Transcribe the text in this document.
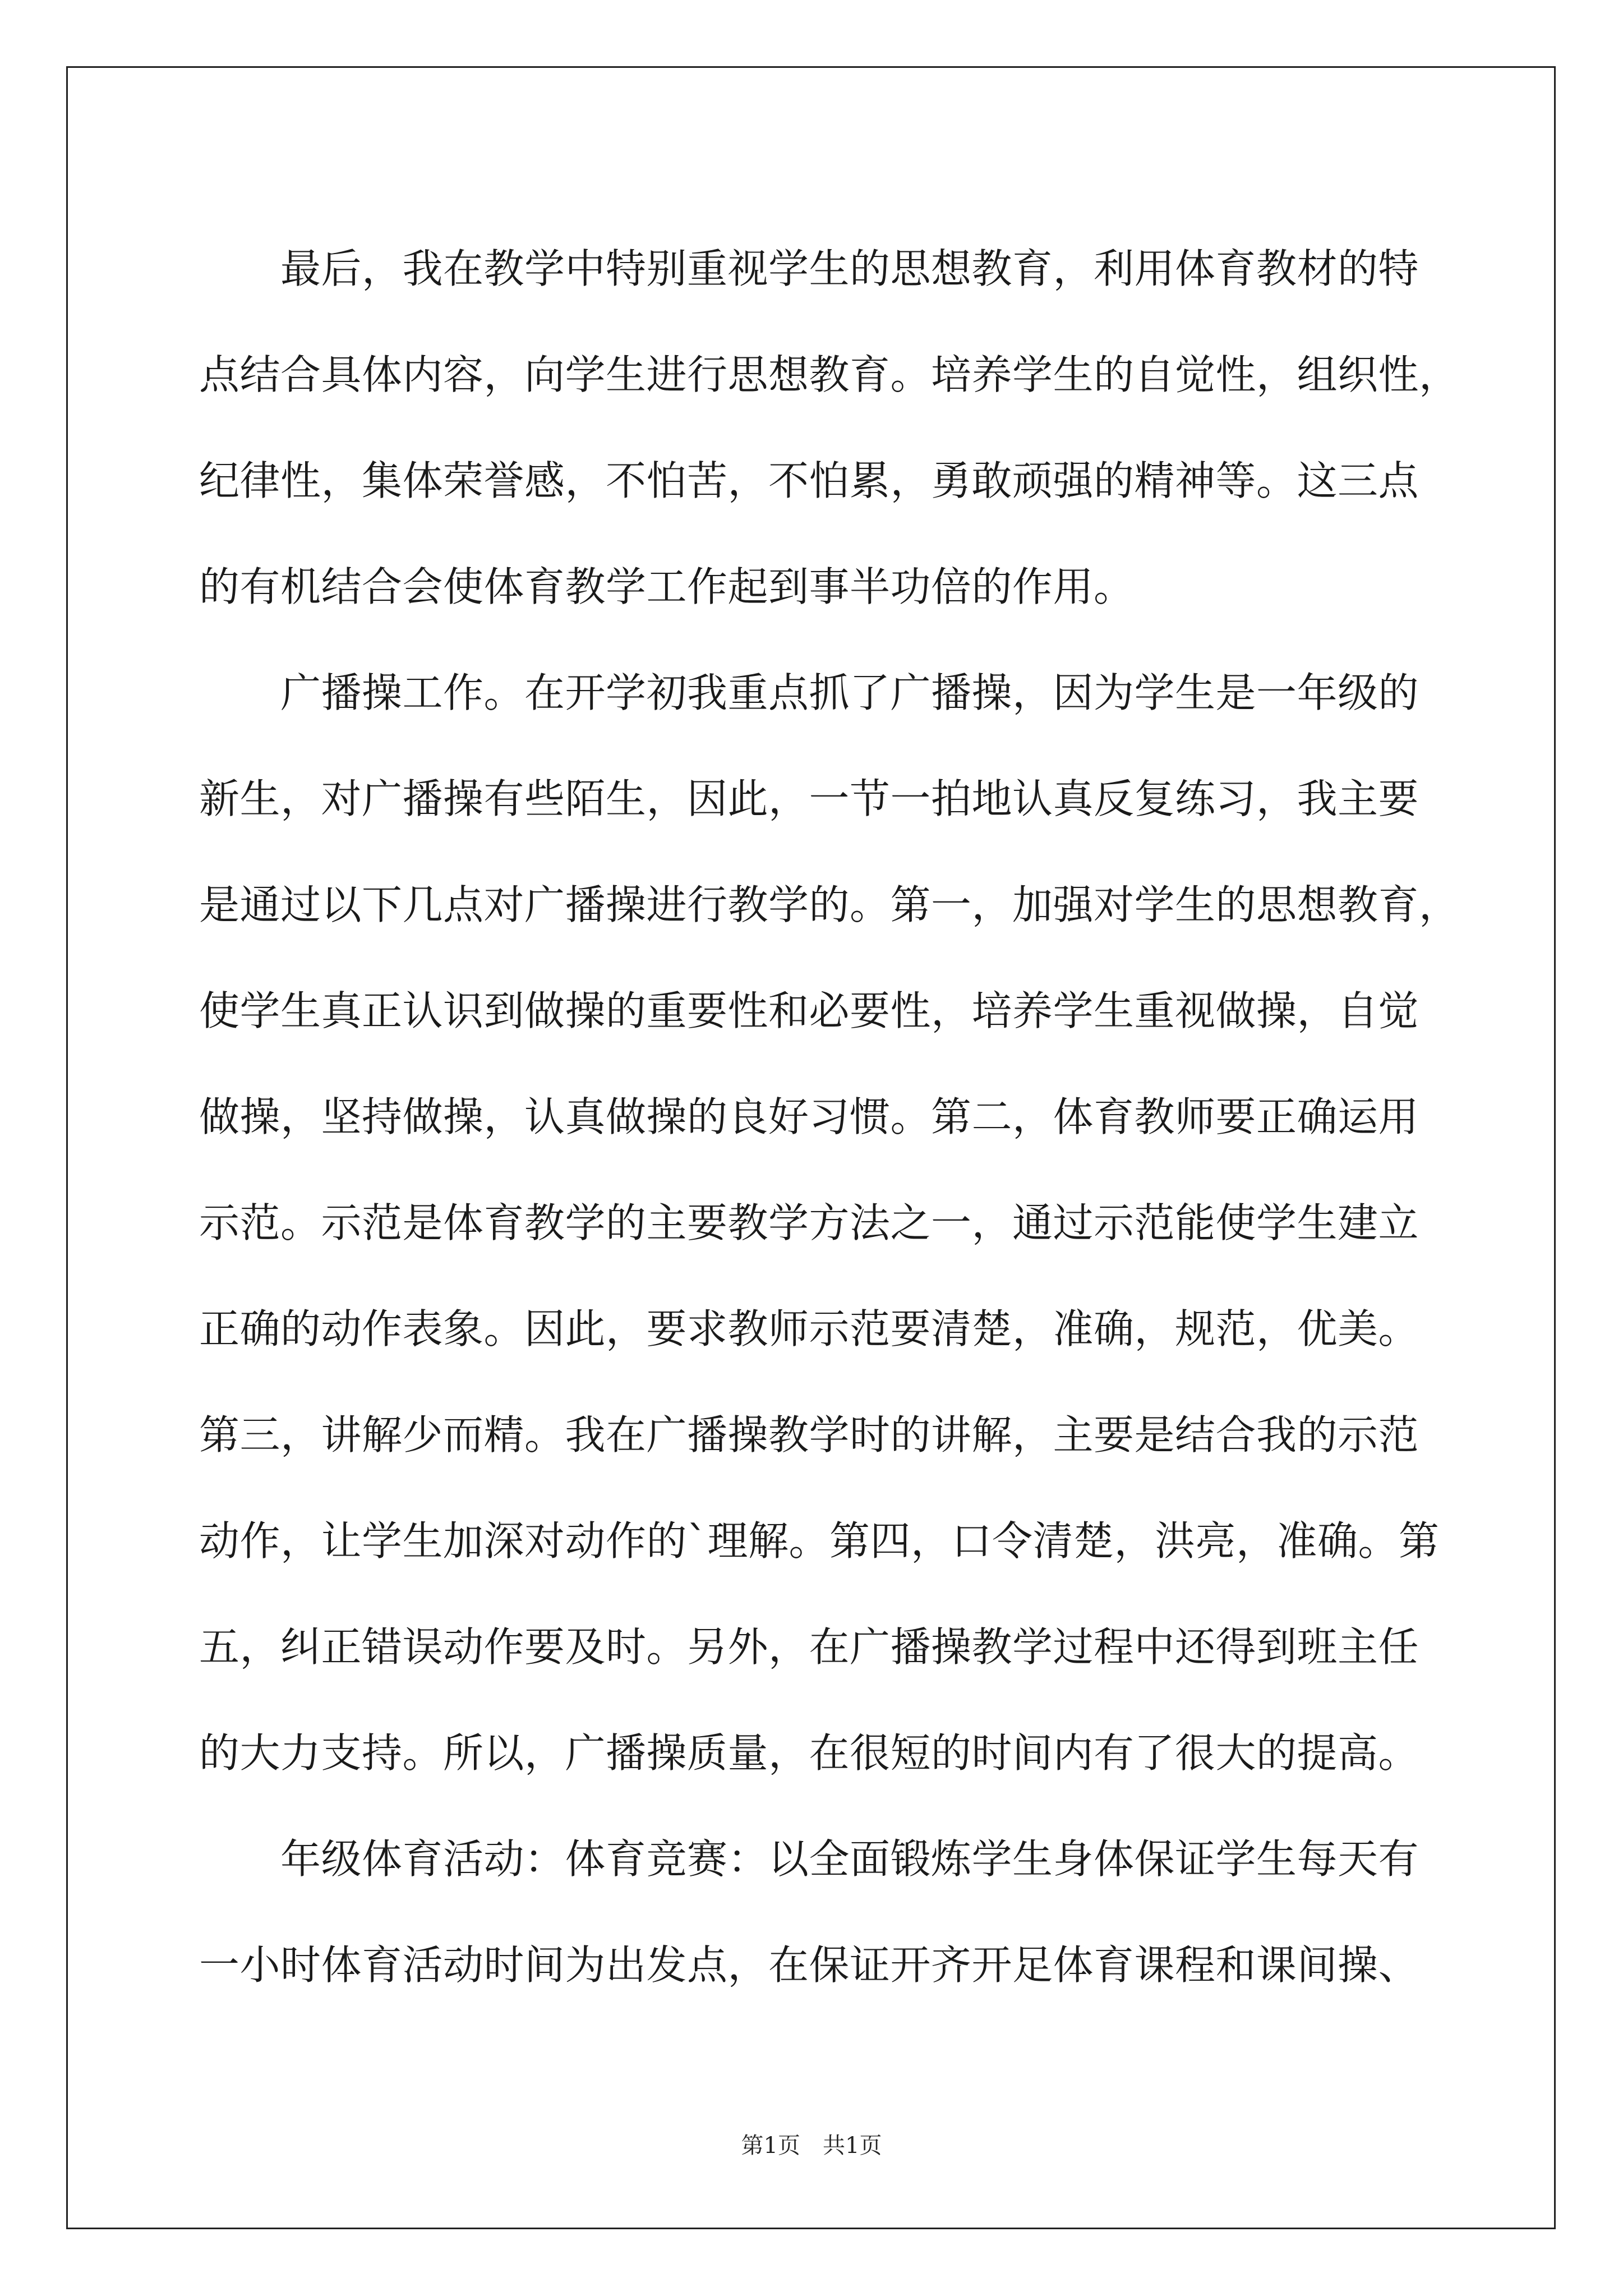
最后，我在教学中特别重视学生的思想教育，利用体育教材的特
点结合具体内容，向学生进行思想教育。培养学生的自觉性，组织性，
纪律性，集体荣誉感，不怕苦，不怕累，勇敢顽强的精神等。这三点
的有机结合会使体育教学工作起到事半功倍的作用。
广播操工作。在开学初我重点抓了广播操，因为学生是一年级的
新生，对广播操有些陌生，因此，一节一拍地认真反复练习，我主要
是通过以下几点对广播操进行教学的。第一，加强对学生的思想教育，
使学生真正认识到做操的重要性和必要性，培养学生重视做操，自觉
做操，坚持做操，认真做操的良好习惯。第二，体育教师要正确运用
示范。示范是体育教学的主要教学方法之一，通过示范能使学生建立
正确的动作表象。因此，要求教师示范要清楚，准确，规范，优美。
第三，讲解少而精。我在广播操教学时的讲解，主要是结合我的示范
动作，让学生加深对动作的`理解。第四，口令清楚，洪亮，准确。第
五，纠正错误动作要及时。另外，在广播操教学过程中还得到班主任
的大力支持。所以，广播操质量，在很短的时间内有了很大的提高。
年级体育活动：体育竞赛：以全面锻炼学生身体保证学生每天有
一小时体育活动时间为出发点，在保证开齐开足体育课程和课间操、
第1页　共1页
